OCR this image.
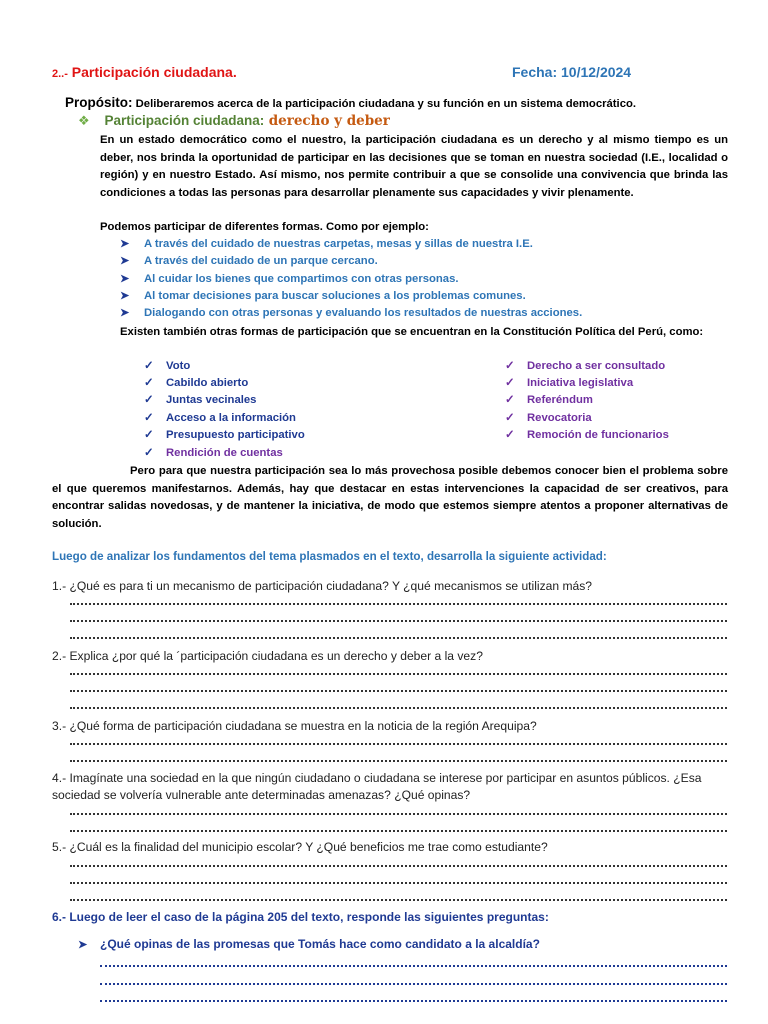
2..- Participación ciudadana.	Fecha: 10/12/2024
Propósito: Deliberaremos acerca de la participación ciudadana y su función en un sistema democrático.
❖ Participación ciudadana: derecho y deber
En un estado democrático como el nuestro, la participación ciudadana es un derecho y al mismo tiempo es un deber, nos brinda la oportunidad de participar en las decisiones que se toman en nuestra sociedad (I.E., localidad o región) y en nuestro Estado. Así mismo, nos permite contribuir a que se consolide una convivencia que brinda las condiciones a todas las personas para desarrollar plenamente sus capacidades y vivir plenamente.
Podemos participar de diferentes formas. Como por ejemplo:
➤ A través del cuidado de nuestras carpetas, mesas y sillas de nuestra I.E.
➤ A través del cuidado de un parque cercano.
➤ Al cuidar los bienes que compartimos con otras personas.
➤ Al tomar decisiones para buscar soluciones a los problemas comunes.
➤ Dialogando con otras personas y evaluando los resultados de nuestras acciones.
Existen también otras formas de participación que se encuentran en la Constitución Política del Perú, como:
✓ Voto
✓ Cabildo abierto
✓ Juntas vecinales
✓ Acceso a la información
✓ Presupuesto participativo
✓ Rendición de cuentas
✓ Derecho a ser consultado
✓ Iniciativa legislativa
✓ Referéndum
✓ Revocatoria
✓ Remoción de funcionarios
Pero para que nuestra participación sea lo más provechosa posible debemos conocer bien el problema sobre el que queremos manifestarnos. Además, hay que destacar en estas intervenciones la capacidad de ser creativos, para encontrar salidas novedosas, y de mantener la iniciativa, de modo que estemos siempre atentos a proponer alternativas de solución.
Luego de analizar los fundamentos del tema plasmados en el texto, desarrolla la siguiente actividad:
1.- ¿Qué es para ti un mecanismo de participación ciudadana? Y ¿qué mecanismos se utilizan más?
2.- Explica ¿por qué la ´participación ciudadana es un derecho y deber a la vez?
3.- ¿Qué forma de participación ciudadana se muestra en la noticia de la región Arequipa?
4.- Imagínate una sociedad en la que ningún ciudadano o ciudadana se interese por participar en asuntos públicos. ¿Esa sociedad se volvería vulnerable ante determinadas amenazas? ¿Qué opinas?
5.- ¿Cuál es la finalidad del municipio escolar? Y ¿Qué beneficios me trae como estudiante?
6.- Luego de leer el caso de la página 205 del texto, responde las siguientes preguntas:
➤ ¿Qué opinas de las promesas que Tomás hace como candidato a la alcaldía?
